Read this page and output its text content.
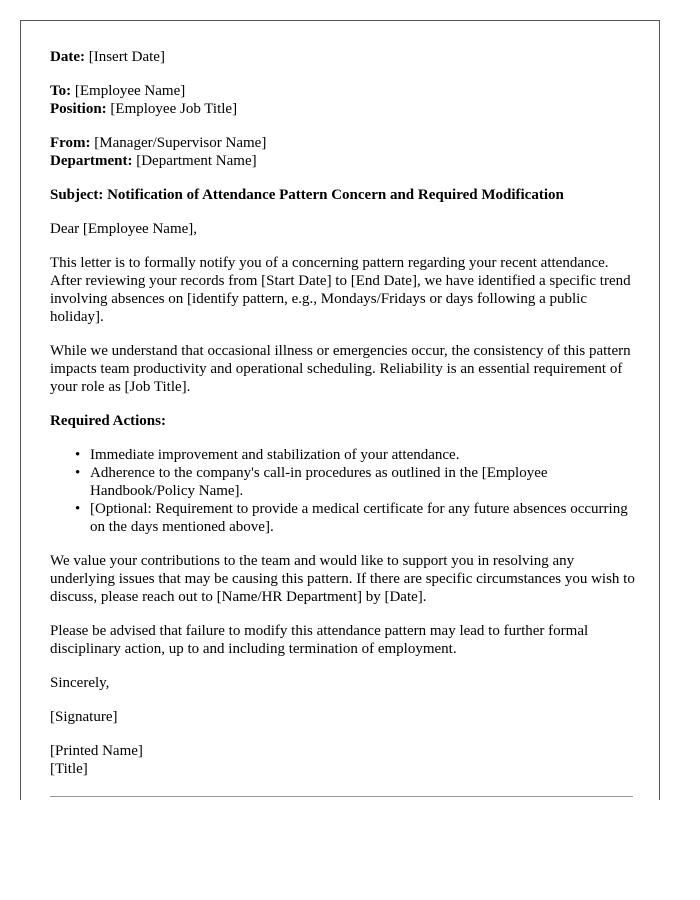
Date: [Insert Date]
To: [Employee Name]
Position: [Employee Job Title]
From: [Manager/Supervisor Name]
Department: [Department Name]
Subject: Notification of Attendance Pattern Concern and Required Modification
Dear [Employee Name],
This letter is to formally notify you of a concerning pattern regarding your recent attendance. After reviewing your records from [Start Date] to [End Date], we have identified a specific trend involving absences on [identify pattern, e.g., Mondays/Fridays or days following a public holiday].
While we understand that occasional illness or emergencies occur, the consistency of this pattern impacts team productivity and operational scheduling. Reliability is an essential requirement of your role as [Job Title].
Required Actions:
• Immediate improvement and stabilization of your attendance.
• Adherence to the company's call-in procedures as outlined in the [Employee Handbook/Policy Name].
• [Optional: Requirement to provide a medical certificate for any future absences occurring on the days mentioned above].
We value your contributions to the team and would like to support you in resolving any underlying issues that may be causing this pattern. If there are specific circumstances you wish to discuss, please reach out to [Name/HR Department] by [Date].
Please be advised that failure to modify this attendance pattern may lead to further formal disciplinary action, up to and including termination of employment.
Sincerely,
[Signature]
[Printed Name]
[Title]
